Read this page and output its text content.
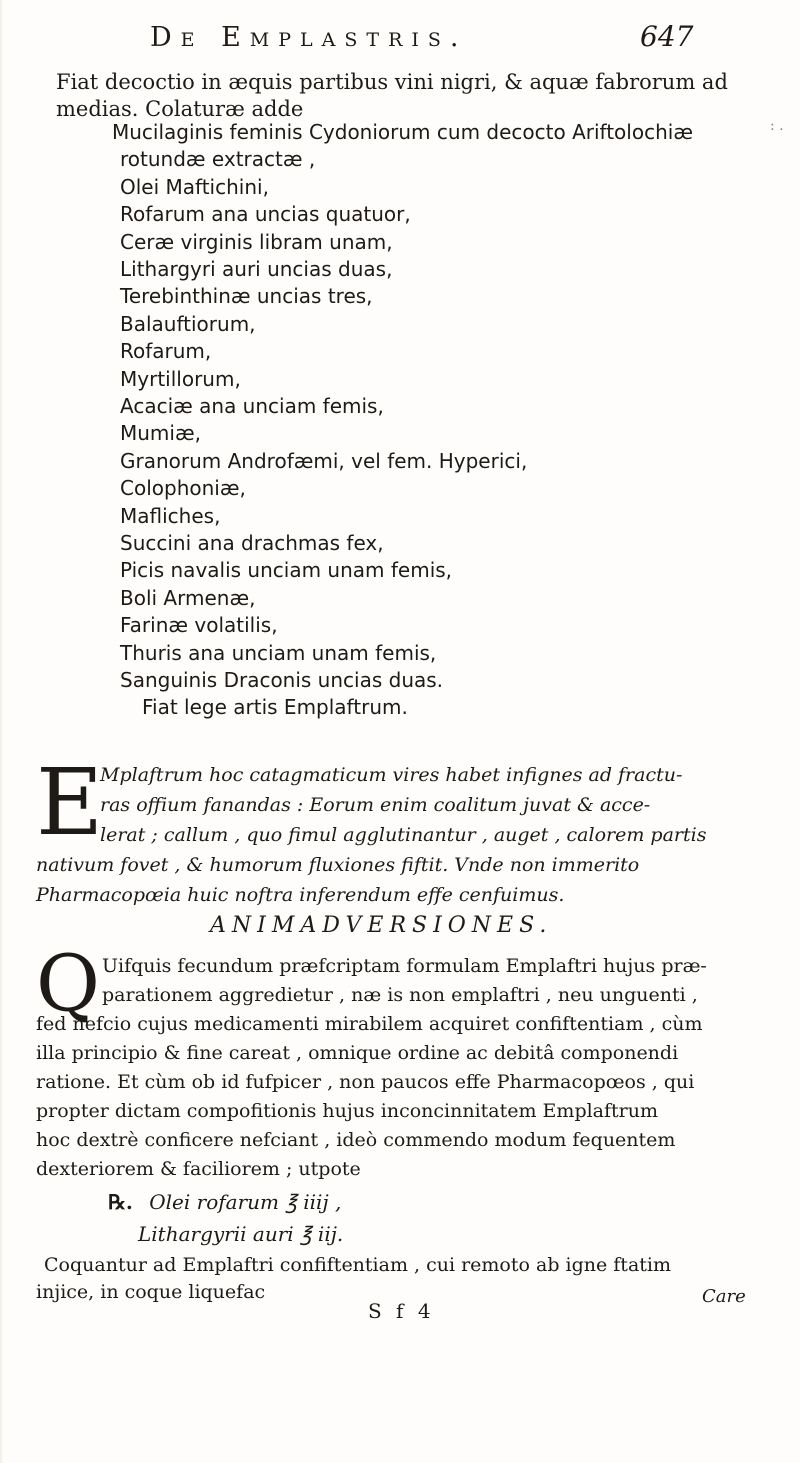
De Emplastris.	647
Fiat decoctio in æquis partibus vini nigri, & aquæ fabrorum ad
medias. Colaturæ adde
Mucilaginis feminis Cydoniorum cum decocto Ariftolochiæ
rotundæ extractæ ,
Olei Maftichini,
Rofarum ana uncias quatuor,
Ceræ virginis libram unam,
Lithargyri auri uncias duas,
Terebinthinæ uncias tres,
Balauftiorum,
Rofarum,
Myrtillorum,
Acaciæ ana unciam femis,
Mumiæ,
Granorum Androfæmi, vel fem. Hyperici,
Colophoniæ,
Mafliches,
Succini ana drachmas fex,
Picis navalis unciam unam femis,
Boli Armenæ,
Farinæ volatilis,
Thuris ana unciam unam femis,
Sanguinis Draconis uncias duas.
Fiat lege artis Emplaftrum.
E
Mplaftrum hoc catagmaticum vires habet infignes ad fractu-
ras offium fanandas : Eorum enim coalitum juvat & acce-
lerat ; callum , quo fimul agglutinantur , auget , calorem partis
nativum fovet , & humorum fluxiones fiftit. Vnde non immerito
Pharmacopœia huic noftra inferendum effe cenfuimus.
ANIMADVERSIONES.
Q Uifquis fecundum præfcriptam formulam Emplaftri hujus præ-
parationem aggredietur , næ is non emplaftri , neu unguenti ,
fed nefcio cujus medicamenti mirabilem acquiret confiftentiam , cùm
illa principio & fine careat , omnique ordine ac debitâ componendi
ratione. Et cùm ob id fufpicer , non paucos effe Pharmacopœos , qui
propter dictam compofitionis hujus inconcinnitatem Emplaftrum
hoc dextrè conficere nefciant , ideò commendo modum fequentem
dexteriorem & faciliorem ; utpote
℞. Olei rofarum ℥ iiij ,
Lithargyrii auri ℥ iij.
Coquantur ad Emplaftri confiftentiam , cui remoto ab igne ftatim
injice, in coque liquefac
S f 4
Care
: .
